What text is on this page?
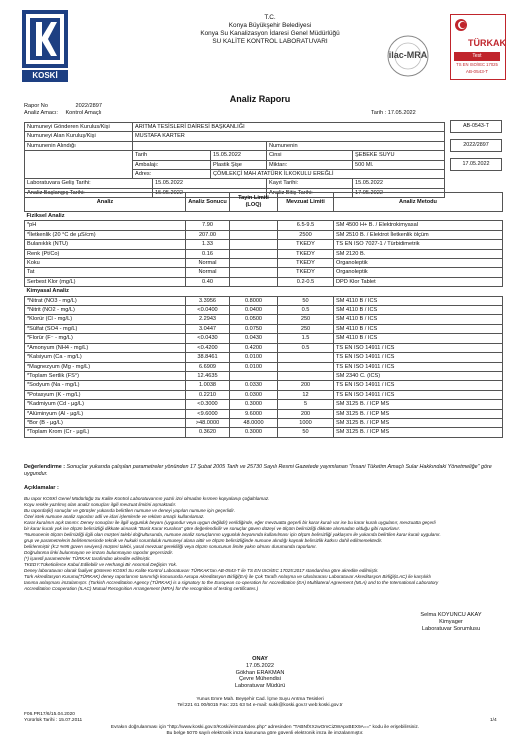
KOSKİ
T.C.
Konya Büyükşehir Belediyesi
Konya Su Kanalizasyon İdaresi Genel Müdürlüğü
SU KALİTE KONTROL LABORATUVARI
ilac-MRA
TÜRKAK
Test
TS EN ISO/IEC 17025
AB-0543-T
Analiz Raporu
Rapor No	2022/2897
Analiz Amacı: Kontrol Amaçlı	Tarih : 17.05.2022
AB-0543-T
2022/2897
17.05.2022
Numuneyi Gönderen Kurulus/Kişi	ARITMA TESİSLERİ DAİRESİ BAŞKANLIĞI				
Numuneyi Alan Kuruluş/Kişi	MUSTAFA KARTER				
Numunenin Alındığı				Numunenin	
	Tarih		15.05.2022	Cinsi	ŞEBEKE SUYU
	Ambalajı:		Plastik Şişe	Miktarı:	500 Ml.
	Adres:		ÇÖMLEKÇİ MAH ATATÜRK İLKOKULU EREĞLİ		
Laboratuvara Geliş Tarihi:		15.05.2022		Kayıt Tarihi:	15.05.2022
Analiz Başlangıç Tarihi:		15.05.2022		Analiz Bitiş Tarihi:	17.05.2022
Analiz	Analiz Sonucu	Tayin Limiti (LOQ)	Mevzuat Limiti	Analiz Metodu
Fiziksel Analiz				
*pH	7.90		6.5-9.5	SM 4500 H+ B. / Elektrokimyasal
*İletkenlik (20 °C de µS/cm)	207.00		2500	SM 2510 B. / Elektrot İletkenlik ölçüm
Bulanıklık (NTU)	1.33		TKEDY	TS EN ISO 7027-1 / Türbidimetrik
Renk (Pt/Co)	0.16		TKEDY	SM 2120 B.
Koku	Normal		TKEDY	Organoleptik
Tat	Normal		TKEDY	Organoleptik
Serbest Klor (mg/L)	0.40		0.2-0.5	DPD Klor Tablet
Kimyasal Analiz				
*Nitrat (NO3 - mg/L)	3.3956	0.8000	50	SM 4110 B / ICS
*Nitrit (NO2 - mg/L)	<0.0400	0.0400	0.5	SM 4110 B / ICS
*Klorür (Cl - mg/L)	2.2943	0.0500	250	SM 4110 B / ICS
*Sülfat (SO4 - mg/L)	3.0447	0.0750	250	SM 4110 B / ICS
*Florür (F⁻ - mg/L)	<0.0430	0.0430	1.5	SM 4110 B / ICS
*Amonyum (NH4 - mg/L)	<0.4200	0.4200	0.5	TS EN ISO 14911 / ICS
*Kalsiyum (Ca - mg/L)	38.8461	0.0100		TS EN ISO 14911 / ICS
*Magnezyum (Mg - mg/L)	6.6909	0.0100		TS EN ISO 14911 / ICS
*Toplam Sertlik (FS°)	12.4635			SM 2340 C. (ICS)
*Sodyum (Na - mg/L)	1.0038	0.0330	200	TS EN ISO 14911 / ICS
*Potasyum (K - mg/L)	0.2210	0.0300	12	TS EN ISO 14911 / ICS
*Kadmiyum (Cd - µg/L)	<0.3000	0.3000	5	SM 3125 B. / ICP MS
*Alüminyum (Al - µg/L)	<9.6000	9.6000	200	SM 3125 B. / ICP MS
*Bor (B - µg/L)	>48.0000	48.0000	1000	SM 3125 B. / ICP MS
*Toplam Krom (Cr - µg/L)	0.3620	0.3000	50	SM 3125 B. / ICP MS
Değerlendirme : Sonuçlar yukarıda çalışılan parametreler yönünden 17 Şubat 2005 Tarih ve 25730 Sayılı Resmi Gazetede yayımlanan "İnsani Tüketim Amaçlı Sular Hakkındaki Yönetmeliğe" göre uygundur.
Açıklamalar :
Bu rapor KOSKİ Genel Müdürlüğü Su Kalite Kontrol Laboratuvarının yazılı izni olmadan kısmen kopyalanıp çoğaltılamaz.
Koyu renkle yazılmış olan analiz sonuçları ilgili mevzuat limitini aşmaktadır.
Bu raporda(ki) sonuçlar ve görüşler yukarıda belirtilen numune ve deneyi yapılan numune için geçerlidir.
Özel istek numune analiz raporları adli ve idari işlemlerde ve reklam amaçlı kullanılamaz.
Karar kuralının açık tanımı: Deney sonuçları ile ilgili uygunluk beyanı (uygundur veya uygun değildir) verildiğinde, eğer mevzuatta geçerli bir karar kuralı var ise bu karar kuralı uygulanır, mevzuatta geçerli
bir karar kuralı yok ise ölçüm belirsizliği dikkate alınarak "Basit Karar Kuralına" göre değerlendirilir ve sonuçlar güven düzeyi ve ölçüm belirsizliği dikkate alınmadan olduğu gibi raporlanır.
*Numunenin ölçüm belirsizliği ilgili olan müşteri talebi doğrultusunda, numune analiz sonuçlarının uygunluk beyanında kullanılması için ölçüm belirsizliği yaklaşımı ile yukarıda belirtilen karar kuralı uygulanır.
grup ve parametrelerin belirlenmesinde teknik ve hukuki sorumluluk numuneyi alana aittir ve ölçüm belirsizliğinde numune alındığı kaynak belirsizlik katkısı dahil edilmemektedir.
belirlenmiştir (k:2 %95 güven seviyesi) müşteri talebi, yasal mevzuat gerekliliği veya ölçüm sonucunun limite yakın olması durumunda raporlanır.
Doğrulanma linki bulunmayan ve imzası bulunmayan raporlar geçersizdir.
(*) işaretli parametreler TÜRKAK tarafından akredite edilmiştir.
TKEDY:Tüketicilerce Kabul Edilebilir ve Herhangi Bir Anormal Değişim Yok.
Deney laboratuvarı olarak faaliyet gösteren KOSKİ Su Kalite Kontrol Laboratuvarı TÜRKAK'tan AB-0543-T ile TS EN ISO/IEC 17025:2017 standardına göre akredite edilmiştir.
Türk Akreditasyon Kurumu(TÜRKAK) deney raporlarının tanınırlığı konusunda Avrupa Akreditasyon Birliği(EA) ile Çok Taraflı Anlaşma ve Uluslararası Laboratuvar Akreditasyon Birliği(ILAC) ile karşılıklı
tanıma anlaşması imzalamıştır. (Turkish Accreditation Agency (TÜRKAK) is a signatory to the European co-operation for Accreditation (EA) Multilateral Agreement (MLA) and to the International Laboratory
Accreditation Cooperation (ILAC) Mutual Recognition Arrangement (MRA) for the recognition of testing certificates.)
Selma KOYUNCU AKAY
Kimyager
Laboratuvar Sorumlusu
ONAY
17.05.2022
Gökhan ERAKMAN
Çevre Mühendisi
Laboratuvar Müdürü
Yunus Emre Mah. Beyşehir Cad. İçme Suyu Arıtma Tesisleri
Tel:221 61 00/6015 Fax: 221 63 54 e-mail: sukk@koski.gov.tr web:koski.gov.tr
F06.PR17/6/15.04.2020
Yürürlük Tarihi : 15.07.2011	1/4
Evrakın doğrulanması için "http://www.koski.gov.tr/Koski/eimzaIndex.php" adresinden "TABNfXXzwOmCiZWApxBEX9A==" kodu ile erişebilirsiniz.
Bu belge 5070 sayılı elektronik imza kanununa göre güvenli elektronik imza ile imzalanmıştır.
